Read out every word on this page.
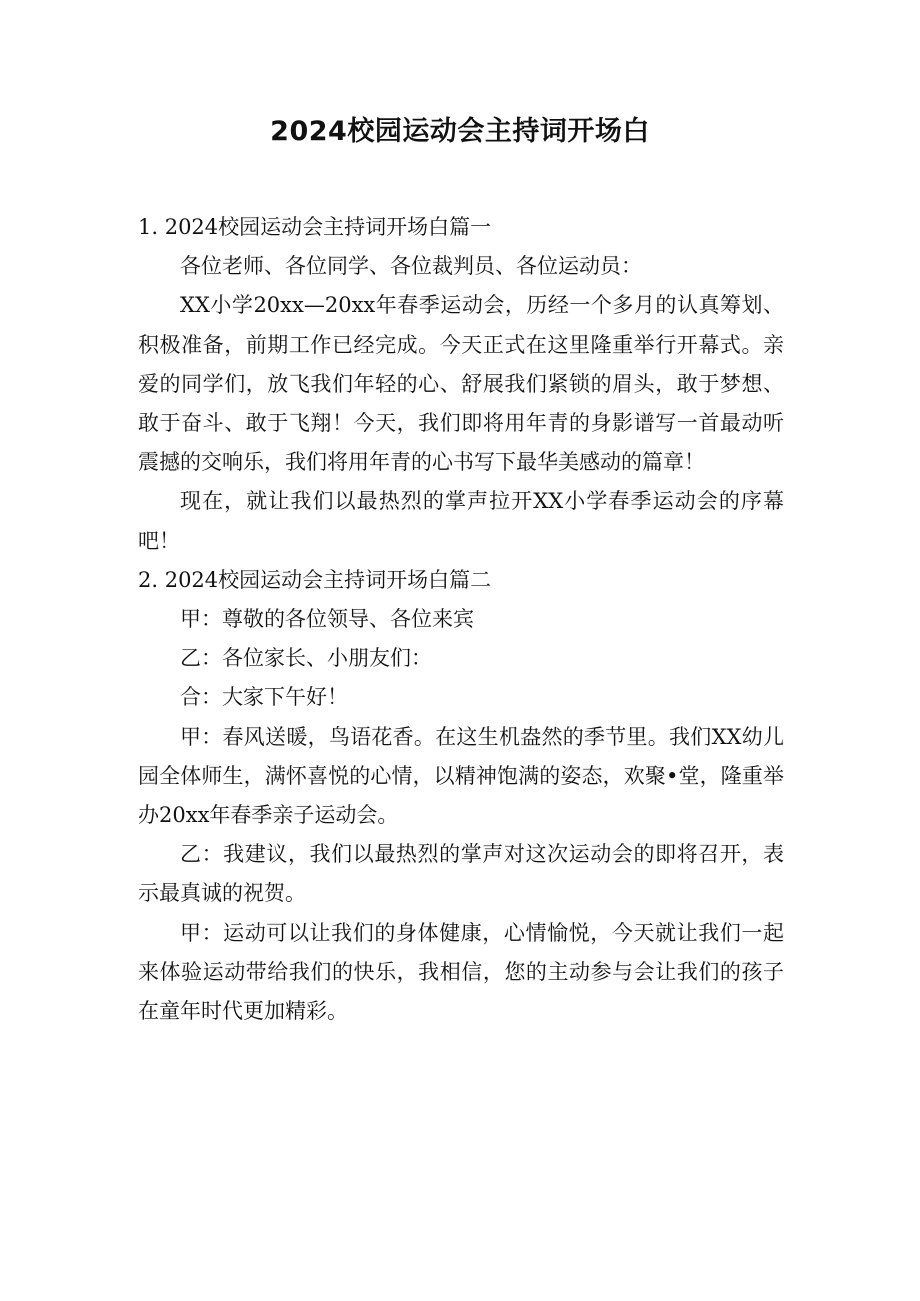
2024校园运动会主持词开场白
1. 2024校园运动会主持词开场白篇一

各位老师、各位同学、各位裁判员、各位运动员：

XX小学20xx—20xx年春季运动会，历经一个多月的认真筹划、积极准备，前期工作已经完成。今天正式在这里隆重举行开幕式。亲爱的同学们，放飞我们年轻的心、舒展我们紧锁的眉头，敢于梦想、敢于奋斗、敢于飞翔！今天，我们即将用年青的身影谱写一首最动听震撼的交响乐，我们将用年青的心书写下最华美感动的篇章！

现在，就让我们以最热烈的掌声拉开XX小学春季运动会的序幕吧！

2. 2024校园运动会主持词开场白篇二

甲：尊敬的各位领导、各位来宾

乙：各位家长、小朋友们：

合：大家下午好！

甲：春风送暖，鸟语花香。在这生机盎然的季节里。我们XX幼儿园全体师生，满怀喜悦的心情，以精神饱满的姿态，欢聚•堂，隆重举办20xx年春季亲子运动会。

乙：我建议，我们以最热烈的掌声对这次运动会的即将召开，表示最真诚的祝贺。

甲：运动可以让我们的身体健康，心情愉悦，今天就让我们一起来体验运动带给我们的快乐，我相信，您的主动参与会让我们的孩子在童年时代更加精彩。
